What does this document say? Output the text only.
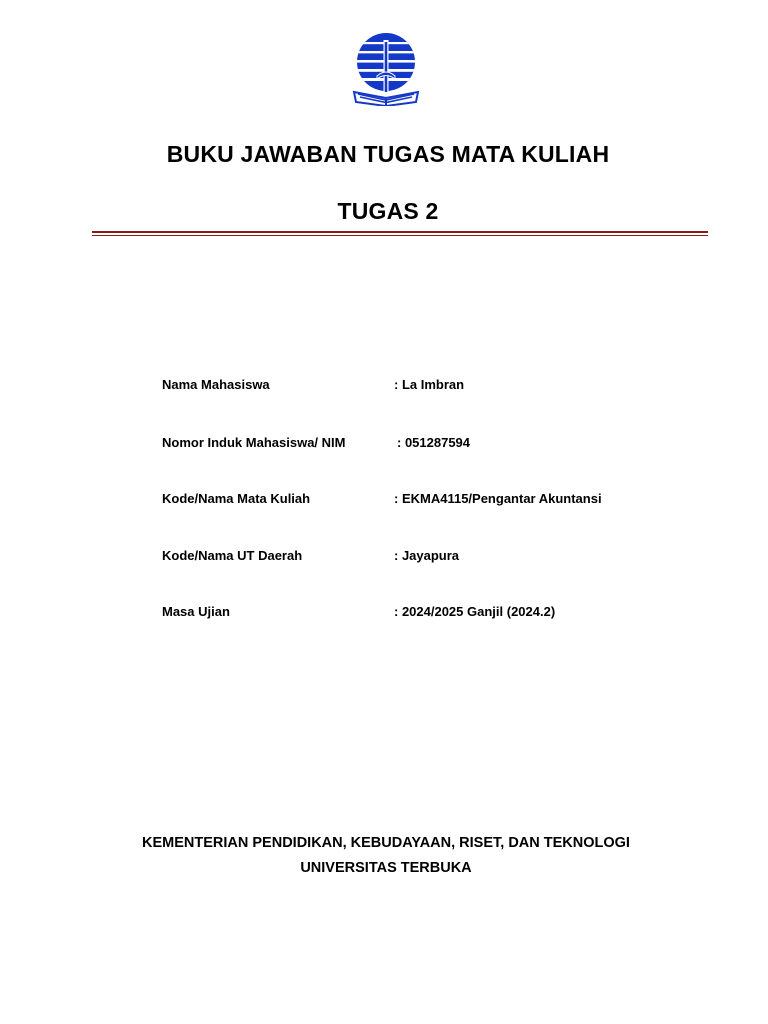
BUKU JAWABAN TUGAS MATA KULIAH
TUGAS 2
Nama Mahasiswa	: La Imbran
Nomor Induk Mahasiswa/ NIM	: 051287594
Kode/Nama Mata Kuliah	: EKMA4115/Pengantar Akuntansi
Kode/Nama UT Daerah	: Jayapura
Masa Ujian	: 2024/2025 Ganjil (2024.2)
KEMENTERIAN PENDIDIKAN, KEBUDAYAAN, RISET, DAN TEKNOLOGI
UNIVERSITAS TERBUKA
